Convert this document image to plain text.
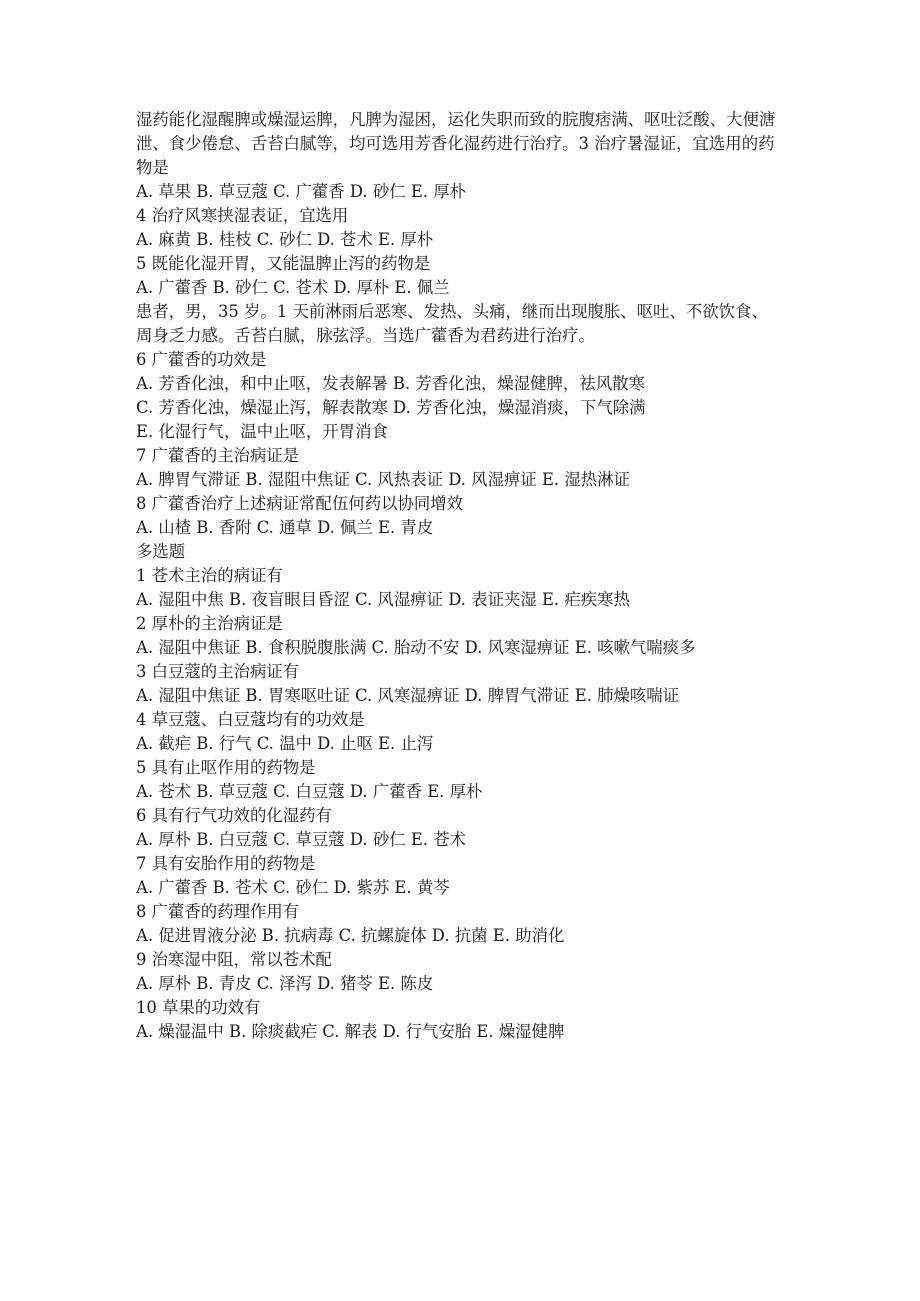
湿药能化湿醒脾或燥湿运脾，凡脾为湿困，运化失职而致的脘腹痞满、呕吐泛酸、大便溏泄、食少倦怠、舌苔白腻等，均可选用芳香化湿药进行治疗。3 治疗暑湿证，宜选用的药物是
A. 草果 B. 草豆蔻 C. 广藿香 D. 砂仁 E. 厚朴
4 治疗风寒挟湿表证，宜选用
A. 麻黄 B. 桂枝 C. 砂仁 D. 苍术 E. 厚朴
5 既能化湿开胃，又能温脾止泻的药物是
A. 广藿香 B. 砂仁 C. 苍术 D. 厚朴 E. 佩兰
患者，男，35 岁。1 天前淋雨后恶寒、发热、头痛，继而出现腹胀、呕吐、不欲饮食、周身乏力感。舌苔白腻，脉弦浮。当选广藿香为君药进行治疗。
6 广藿香的功效是
A. 芳香化浊，和中止呕，发表解暑 B. 芳香化浊，燥湿健脾，祛风散寒
C. 芳香化浊，燥湿止泻，解表散寒 D. 芳香化浊，燥湿消痰，下气除满
E. 化湿行气，温中止呕，开胃消食
7 广藿香的主治病证是
A. 脾胃气滞证 B. 湿阻中焦证 C. 风热表证 D. 风湿痹证 E. 湿热淋证
8 广藿香治疗上述病证常配伍何药以协同增效
A. 山楂 B. 香附 C. 通草 D. 佩兰 E. 青皮
多选题
1 苍术主治的病证有
A. 湿阻中焦 B. 夜盲眼目昏涩 C. 风湿痹证 D. 表证夹湿 E. 疟疾寒热
2 厚朴的主治病证是
A. 湿阻中焦证 B. 食积脱腹胀满 C. 胎动不安 D. 风寒湿痹证 E. 咳嗽气喘痰多
3 白豆蔻的主治病证有
A. 湿阻中焦证 B. 胃寒呕吐证 C. 风寒湿痹证 D. 脾胃气滞证 E. 肺燥咳喘证
4 草豆蔻、白豆蔻均有的功效是
A. 截疟 B. 行气 C. 温中 D. 止呕 E. 止泻
5 具有止呕作用的药物是
A. 苍术 B. 草豆蔻 C. 白豆蔻 D. 广藿香 E. 厚朴
6 具有行气功效的化湿药有
A. 厚朴 B. 白豆蔻 C. 草豆蔻 D. 砂仁 E. 苍术
7 具有安胎作用的药物是
A. 广藿香 B. 苍术 C. 砂仁 D. 紫苏 E. 黄芩
8 广藿香的药理作用有
A. 促进胃液分泌 B. 抗病毒 C. 抗螺旋体 D. 抗菌 E. 助消化
9 治寒湿中阻，常以苍术配
A. 厚朴 B. 青皮 C. 泽泻 D. 猪苓 E. 陈皮
10 草果的功效有
A. 燥湿温中 B. 除痰截疟 C. 解表 D. 行气安胎 E. 燥湿健脾
